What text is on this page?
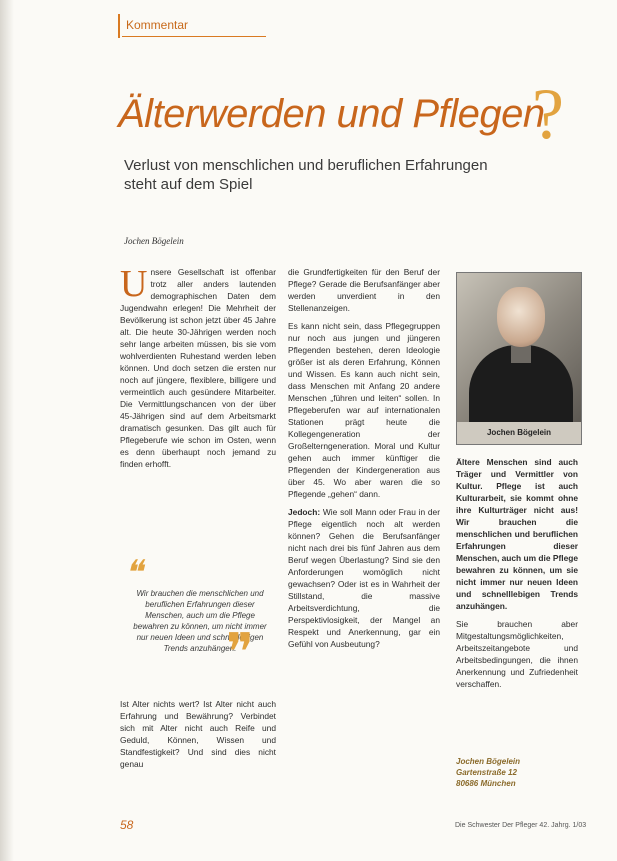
Kommentar
Älterwerden und Pflegen
?
Verlust von menschlichen und beruflichen Erfahrungen steht auf dem Spiel
Jochen Bögelein

Unsere Gesellschaft ist offenbar trotz aller anders lautenden demographischen Daten dem Jugendwahn erlegen! Die Mehrheit der Bevölkerung ist schon jetzt über 45 Jahre alt. Die heute 30-Jährigen werden noch sehr lange arbeiten müssen, bis sie vom wohlverdienten Ruhestand werden leben können. Und doch setzen die ersten nur noch auf jüngere, flexiblere, billigere und vermeintlich auch gesündere Mitarbeiter. Die Vermittlungschancen von der über 45-Jährigen sind auf dem Arbeitsmarkt dramatisch gesunken. Das gilt auch für Pflegeberufe wie schon im Osten, wenn es denn überhaupt noch jemand zu finden erhofft.

❝
Wir brauchen die menschlichen und beruflichen Erfahrungen dieser Menschen, auch um die Pflege bewahren zu können, um nicht immer nur neuen Ideen und schnelllebigen Trends anzuhängen.
❞

Ist Alter nichts wert? Ist Alter nicht auch Erfahrung und Bewährung? Verbindet sich mit Alter nicht auch Reife und Geduld, Können, Wissen und Standfestigkeit? Und sind dies nicht genau

die Grundfertigkeiten für den Beruf der Pflege? Gerade die Berufsanfänger aber werden unverdient in den Stellenanzeigen.

Es kann nicht sein, dass Pflegegruppen nur noch aus jungen und jüngeren Pflegenden bestehen, deren Ideologie größer ist als deren Erfahrung, Können und Wissen. Es kann auch nicht sein, dass Menschen mit Anfang 20 andere Menschen „führen und leiten“ sollen. In Pflegeberufen war auf internationalen Stationen prägt heute die Kollegengeneration der Großelterngeneration. Moral und Kultur gehen auch immer künftiger die Pflegenden der Kindergeneration aus über 45. Wo aber waren die so Pflegende „gehen“ dann.

Jedoch: Wie soll Mann oder Frau in der Pflege eigentlich noch alt werden können? Gehen die Berufsanfänger nicht nach drei bis fünf Jahren aus dem Beruf wegen Überlastung? Sind sie den Anforderungen womöglich nicht gewachsen? Oder ist es in Wahrheit der Stillstand, die massive Arbeitsverdichtung, die Perspektivlosigkeit, der Mangel an Respekt und Anerkennung, gar ein Gefühl von Ausbeutung?

Jochen Bögelein

Ältere Menschen sind auch Träger und Vermittler von Kultur. Pflege ist auch Kulturarbeit, sie kommt ohne ihre Kulturträger nicht aus! Wir brauchen die menschlichen und beruflichen Erfahrungen dieser Menschen, auch um die Pflege bewahren zu können, um sie nicht immer nur neuen Ideen und schnelllebigen Trends anzuhängen.

Sie brauchen aber Mitgestaltungsmöglichkeiten, Arbeitszeitangebote und Arbeitsbedingungen, die ihnen Anerkennung und Zufriedenheit verschaffen.

Jochen Bögelein
Gartenstraße 12
80686 München
58	Die Schwester Der Pfleger 42. Jahrg. 1/03
